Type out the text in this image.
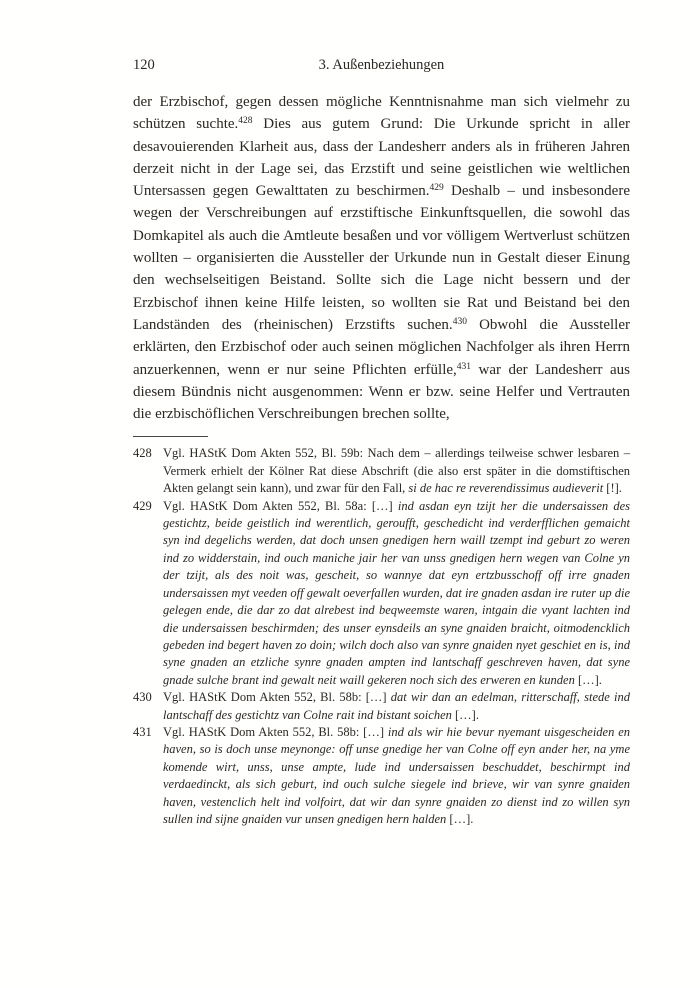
120	3. Außenbeziehungen

der Erzbischof, gegen dessen mögliche Kenntnisnahme man sich vielmehr zu schützen suchte.$^{428}$ Dies aus gutem Grund: Die Urkunde spricht in aller desavouierenden Klarheit aus, dass der Landesherr anders als in früheren Jahren derzeit nicht in der Lage sei, das Erzstift und seine geistlichen wie weltlichen Untersassen gegen Gewalttaten zu beschirmen.$^{429}$ Deshalb – und insbesondere wegen der Verschreibungen auf erzstiftische Einkunftsquellen, die sowohl das Domkapitel als auch die Amtleute besaßen und vor völligem Wertverlust schützen wollten – organisierten die Aussteller der Urkunde nun in Gestalt dieser Einung den wechselseitigen Beistand. Sollte sich die Lage nicht bessern und der Erzbischof ihnen keine Hilfe leisten, so wollten sie Rat und Beistand bei den Landständen des (rheinischen) Erzstifts suchen.$^{430}$ Obwohl die Aussteller erklärten, den Erzbischof oder auch seinen möglichen Nachfolger als ihren Herrn anzuerkennen, wenn er nur seine Pflichten erfülle,$^{431}$ war der Landesherr aus diesem Bündnis nicht ausgenommen: Wenn er bzw. seine Helfer und Vertrauten die erzbischöflichen Verschreibungen brechen sollte,

428 Vgl. HAStK Dom Akten 552, Bl. 59b: Nach dem – allerdings teilweise schwer lesbaren – Vermerk erhielt der Kölner Rat diese Abschrift (die also erst später in die domstiftischen Akten gelangt sein kann), und zwar für den Fall, si de hac re reverendissimus audieverit [!].
429 Vgl. HAStK Dom Akten 552, Bl. 58a: […] ind asdan eyn tzijt her die undersaissen des gestichtz, beide geistlich ind werentlich, geroufft, geschedicht ind verderfflichen gemaicht syn ind degelichs werden, dat doch unsen gnedigen hern waill tzempt ind geburt zo weren ind zo widderstain, ind ouch maniche jair her van unss gnedigen hern wegen van Colne yn der tzijt, als des noit was, gescheit, so wannye dat eyn ertzbusschoff off irre gnaden undersaissen myt veeden off gewalt oeverfallen wurden, dat ire gnaden asdan ire ruter up die gelegen ende, die dar zo dat alrebest ind beqweemste waren, intgain die vyant lachten ind die undersaissen beschirmden; des unser eynsdeils an syne gnaiden braicht, oitmodencklich gebeden ind begert haven zo doin; wilch doch also van synre gnaiden nyet geschiet en is, ind syne gnaden an etzliche synre gnaden ampten ind lantschaff geschreven haven, dat syne gnade sulche brant ind gewalt neit waill gekeren noch sich des erweren en kunden […].
430 Vgl. HAStK Dom Akten 552, Bl. 58b: […] dat wir dan an edelman, ritterschaff, stede ind lantschaff des gestichtz van Colne rait ind bistant soichen […].
431 Vgl. HAStK Dom Akten 552, Bl. 58b: […] ind als wir hie bevur nyemant uisgescheiden en haven, so is doch unse meynonge: off unse gnedige her van Colne off eyn ander her, na yme komende wirt, unss, unse ampte, lude ind undersaissen beschuddet, beschirmpt ind verdaedinckt, als sich geburt, ind ouch sulche siegele ind brieve, wir van synre gnaiden haven, vestenclich helt ind volfoirt, dat wir dan synre gnaiden zo dienst ind zo willen syn sullen ind sijne gnaiden vur unsen gnedigen hern halden […].
